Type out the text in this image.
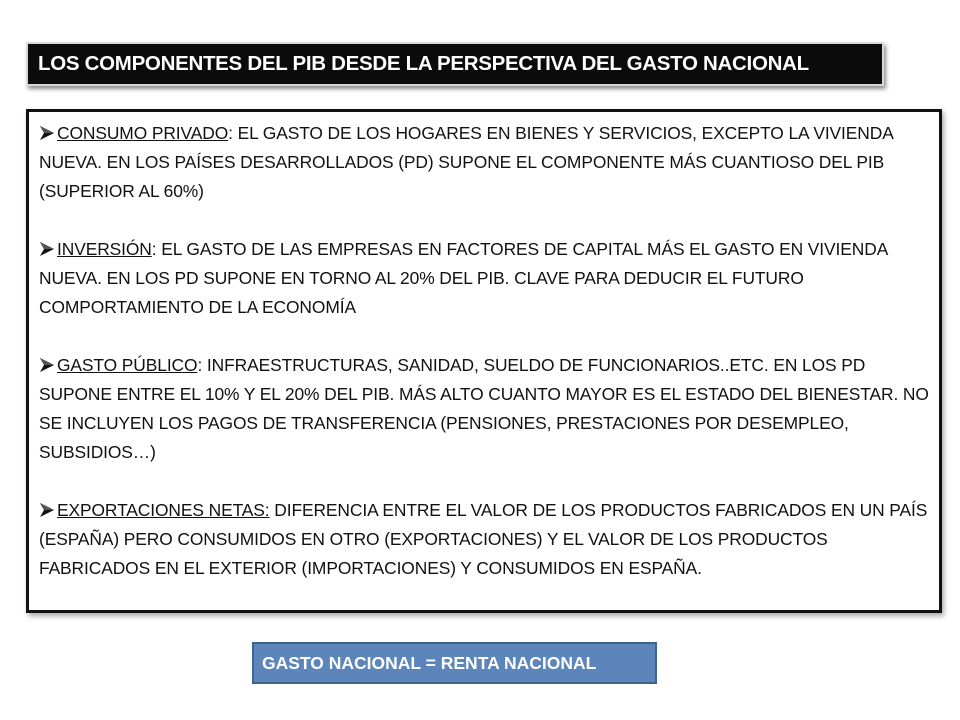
LOS COMPONENTES DEL PIB DESDE LA PERSPECTIVA DEL GASTO NACIONAL
CONSUMO PRIVADO: EL GASTO DE LOS HOGARES EN BIENES Y SERVICIOS, EXCEPTO LA VIVIENDA NUEVA. EN LOS PAÍSES DESARROLLADOS (PD) SUPONE EL COMPONENTE MÁS CUANTIOSO DEL PIB (SUPERIOR AL 60%)
INVERSIÓN: EL GASTO DE LAS EMPRESAS EN FACTORES DE CAPITAL MÁS EL GASTO EN VIVIENDA NUEVA. EN LOS PD SUPONE EN TORNO AL 20% DEL PIB. CLAVE PARA DEDUCIR EL FUTURO COMPORTAMIENTO DE LA ECONOMÍA
GASTO PÚBLICO: INFRAESTRUCTURAS, SANIDAD, SUELDO DE FUNCIONARIOS..ETC. EN LOS PD SUPONE ENTRE EL 10% Y EL 20% DEL PIB. MÁS ALTO CUANTO MAYOR ES EL ESTADO DEL BIENESTAR. NO SE INCLUYEN LOS PAGOS DE TRANSFERENCIA (PENSIONES, PRESTACIONES POR DESEMPLEO, SUBSIDIOS…)
EXPORTACIONES NETAS: DIFERENCIA ENTRE EL VALOR DE LOS PRODUCTOS FABRICADOS EN UN PAÍS (ESPAÑA) PERO CONSUMIDOS EN OTRO (EXPORTACIONES) Y EL VALOR DE LOS PRODUCTOS FABRICADOS EN EL EXTERIOR (IMPORTACIONES) Y CONSUMIDOS EN ESPAÑA.
GASTO NACIONAL = RENTA NACIONAL
